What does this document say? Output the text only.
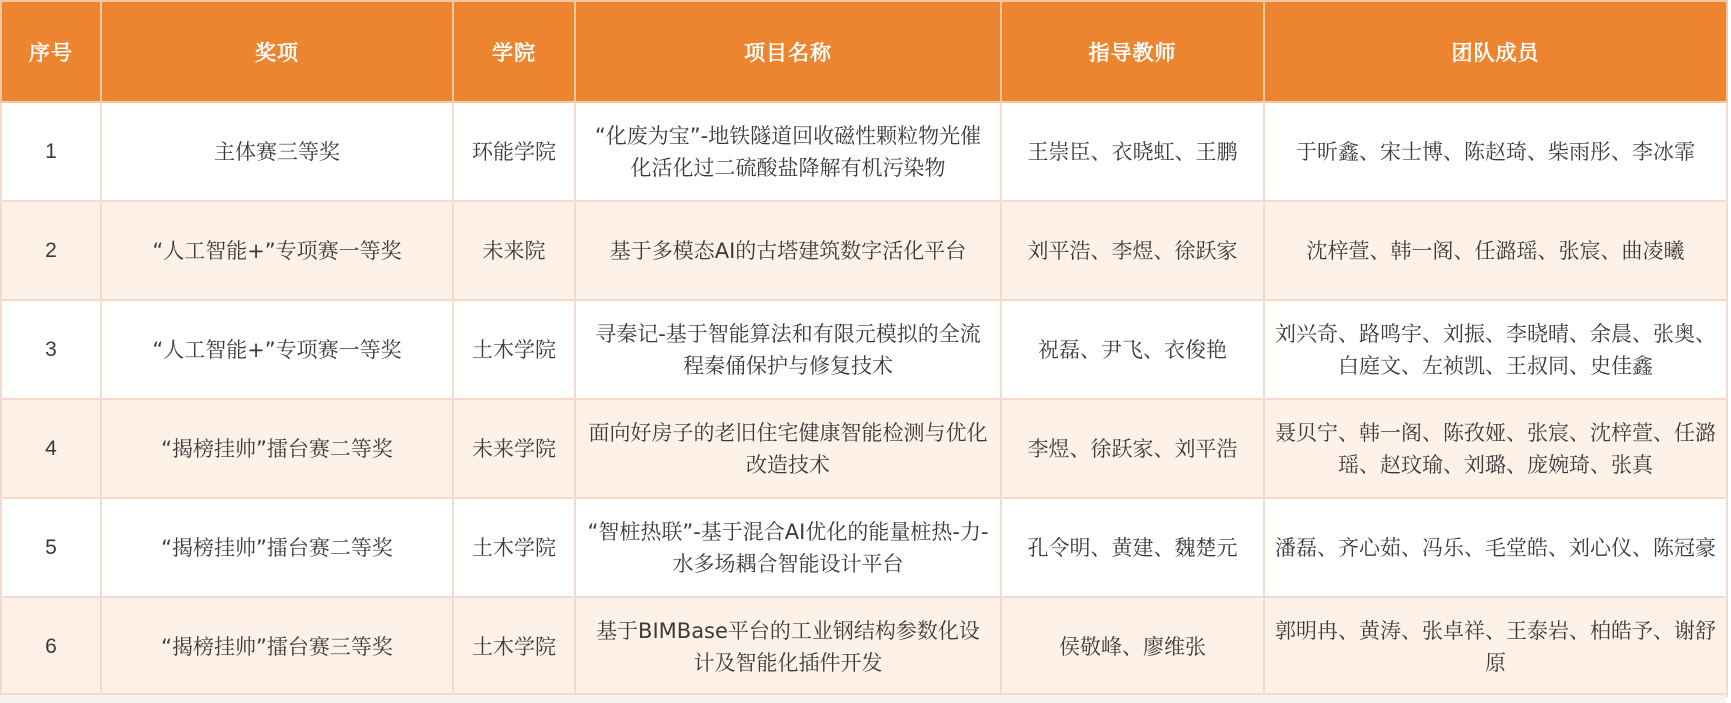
序号	奖项	学院	项目名称	指导教师	团队成员
1	主体赛三等奖	环能学院	“化废为宝”-地铁隧道回收磁性颗粒物光催化活化过二硫酸盐降解有机污染物	王崇臣、衣晓虹、王鹏	于昕鑫、宋士博、陈赵琦、柴雨彤、李冰霏
2	“人工智能+”专项赛一等奖	未来院	基于多模态AI的古塔建筑数字活化平台	刘平浩、李煜、徐跃家	沈梓萱、韩一阁、任潞瑶、张宸、曲凌曦
3	“人工智能+”专项赛一等奖	土木学院	寻秦记-基于智能算法和有限元模拟的全流程秦俑保护与修复技术	祝磊、尹飞、衣俊艳	刘兴奇、路鸣宇、刘振、李晓晴、余晨、张奥、白庭文、左祯凯、王叔同、史佳鑫
4	“揭榜挂帅”擂台赛二等奖	未来学院	面向好房子的老旧住宅健康智能检测与优化改造技术	李煜、徐跃家、刘平浩	聂贝宁、韩一阁、陈孜娅、张宸、沈梓萱、任潞瑶、赵玟瑜、刘璐、庞婉琦、张真
5	“揭榜挂帅”擂台赛二等奖	土木学院	“智桩热联”-基于混合AI优化的能量桩热-力-水多场耦合智能设计平台	孔令明、黄建、魏楚元	潘磊、齐心茹、冯乐、毛堂皓、刘心仪、陈冠豪
6	“揭榜挂帅”擂台赛三等奖	土木学院	基于BIMBase平台的工业钢结构参数化设计及智能化插件开发	侯敬峰、廖维张	郭明冉、黄涛、张卓祥、王泰岩、柏皓予、谢舒原
